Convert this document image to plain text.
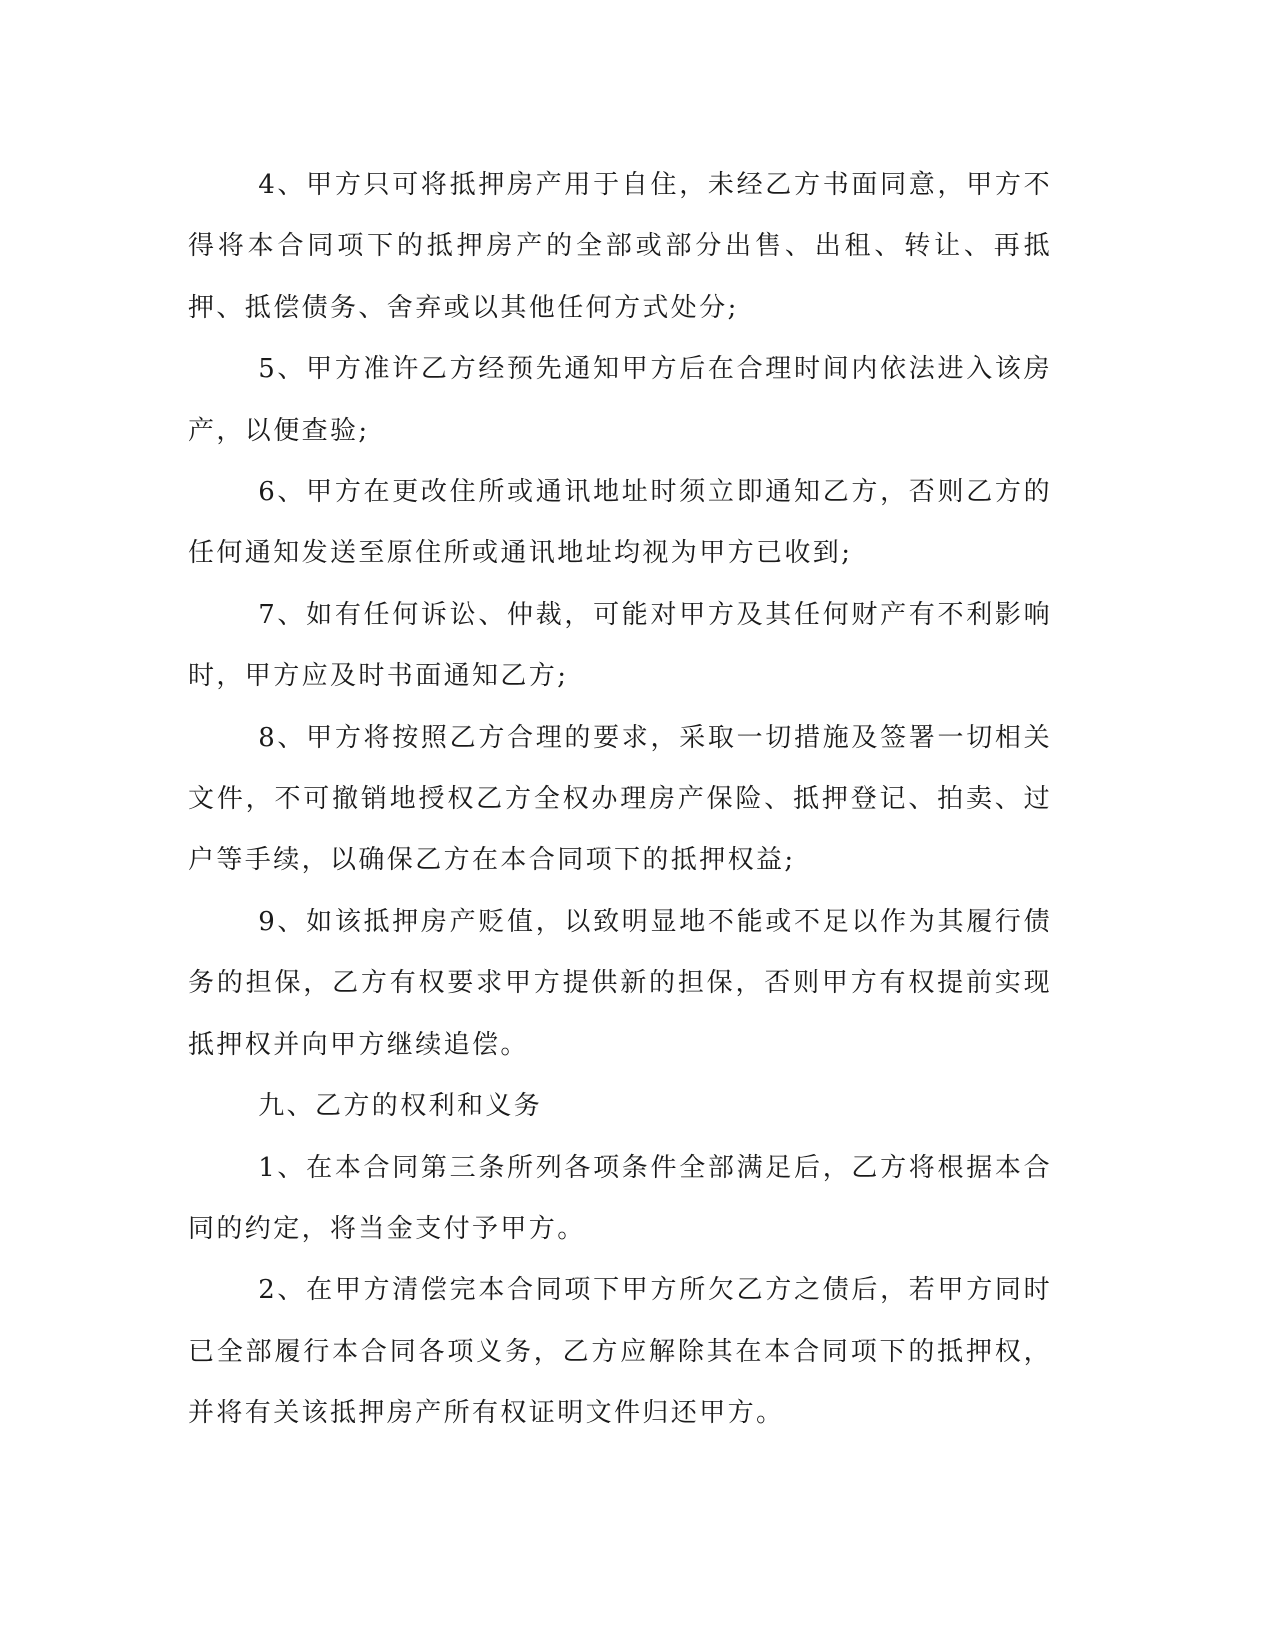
4、甲方只可将抵押房产用于自住，未经乙方书面同意，甲方不得将本合同项下的抵押房产的全部或部分出售、出租、转让、再抵押、抵偿债务、舍弃或以其他任何方式处分;

5、甲方准许乙方经预先通知甲方后在合理时间内依法进入该房产，以便查验;

6、甲方在更改住所或通讯地址时须立即通知乙方，否则乙方的任何通知发送至原住所或通讯地址均视为甲方已收到;

7、如有任何诉讼、仲裁，可能对甲方及其任何财产有不利影响时，甲方应及时书面通知乙方;

8、甲方将按照乙方合理的要求，采取一切措施及签署一切相关文件，不可撤销地授权乙方全权办理房产保险、抵押登记、拍卖、过户等手续，以确保乙方在本合同项下的抵押权益;

9、如该抵押房产贬值，以致明显地不能或不足以作为其履行债务的担保，乙方有权要求甲方提供新的担保，否则甲方有权提前实现抵押权并向甲方继续追偿。

九、乙方的权利和义务

1、在本合同第三条所列各项条件全部满足后，乙方将根据本合同的约定，将当金支付予甲方。

2、在甲方清偿完本合同项下甲方所欠乙方之债后，若甲方同时已全部履行本合同各项义务，乙方应解除其在本合同项下的抵押权，并将有关该抵押房产所有权证明文件归还甲方。
